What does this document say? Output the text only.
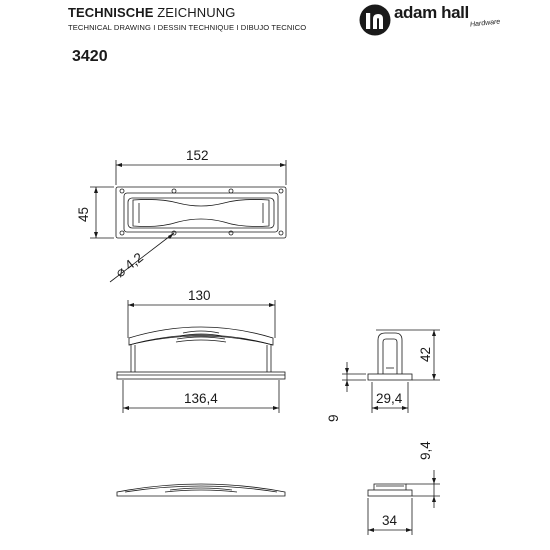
TECHNISCHE ZEICHNUNG
TECHNICAL DRAWING I DESSIN TECHNIQUE I DIBUJO TECNICO
3420
adam hall
Hardware
152
45
⌀ 4,2
130
136,4
42
9
29,4
9,4
34
